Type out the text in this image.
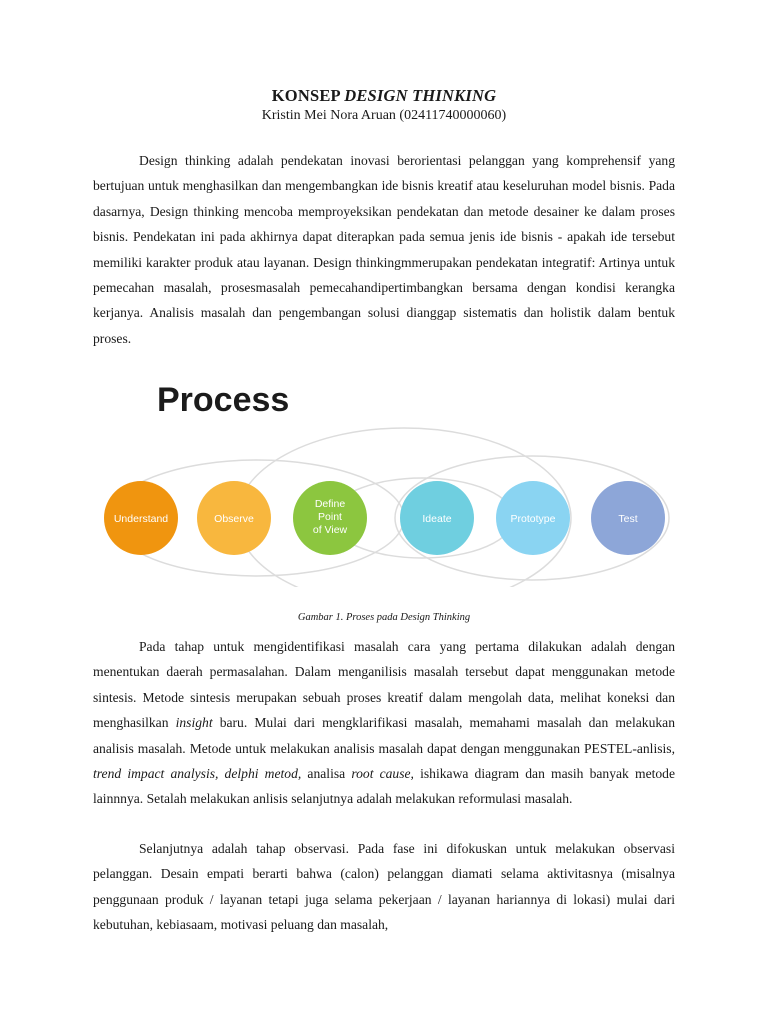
KONSEP DESIGN THINKING
Kristin Mei Nora Aruan (02411740000060)

Design thinking adalah pendekatan inovasi berorientasi pelanggan yang komprehensif yang bertujuan untuk menghasilkan dan mengembangkan ide bisnis kreatif atau keseluruhan model bisnis. Pada dasarnya, Design thinking mencoba memproyeksikan pendekatan dan metode desainer ke dalam proses bisnis. Pendekatan ini pada akhirnya dapat diterapkan pada semua jenis ide bisnis - apakah ide tersebut memiliki karakter produk atau layanan. Design thinkingmmerupakan pendekatan integratif: Artinya untuk pemecahan masalah, prosesmasalah pemecahandipertimbangkan bersama dengan kondisi kerangka kerjanya. Analisis masalah dan pengembangan solusi dianggap sistematis dan holistik dalam bentuk proses.

Process
Understand	Observe
Define
Point
of View
Ideate	Prototype	Test
Gambar 1. Proses pada Design Thinking

Pada tahap untuk mengidentifikasi masalah cara yang pertama dilakukan adalah dengan menentukan daerah permasalahan. Dalam menganilisis masalah tersebut dapat menggunakan metode sintesis. Metode sintesis merupakan sebuah proses kreatif dalam mengolah data, melihat koneksi dan menghasilkan insight baru. Mulai dari mengklarifikasi masalah, memahami masalah dan melakukan analisis masalah. Metode untuk melakukan analisis masalah dapat dengan menggunakan PESTEL-anlisis, trend impact analysis, delphi metod, analisa root cause, ishikawa diagram dan masih banyak metode lainnnya. Setalah melakukan anlisis selanjutnya adalah melakukan reformulasi masalah.

Selanjutnya adalah tahap observasi. Pada fase ini difokuskan untuk melakukan observasi pelanggan. Desain empati berarti bahwa (calon) pelanggan diamati selama aktivitasnya (misalnya penggunaan produk / layanan tetapi juga selama pekerjaan / layanan hariannya di lokasi) mulai dari kebutuhan, kebiasaam, motivasi peluang dan masalah,
